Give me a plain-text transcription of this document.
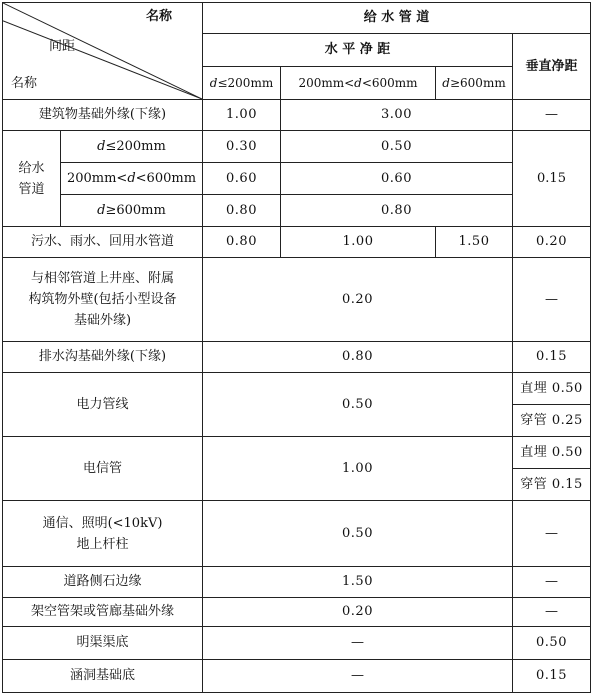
名称
间距
名称		给 水 管 道			
		水 平 净 距			垂直净距
		d≤200mm	200mm<d<600mm	d≥600mm	
建筑物基础外缘(下缘)		1.00	3.00		—
给水
管道	d≤200mm	0.30	0.50		0.15
	200mm<d<600mm	0.60	0.60		
	d≥600mm	0.80	0.80		
污水、雨水、回用水管道		0.80	1.00	1.50	0.20
与相邻管道上井座、附属
构筑物外壁(包括小型设备
基础外缘)		0.20			—
排水沟基础外缘(下缘)		0.80			0.15
电力管线		0.50			直埋 0.50
					穿管 0.25
电信管		1.00			直埋 0.50
					穿管 0.15
通信、照明(<10kV)
地上杆柱		0.50			—
道路侧石边缘		1.50			—
架空管架或管廊基础外缘		0.20			—
明渠渠底		—			0.50
涵洞基础底		—			0.15
